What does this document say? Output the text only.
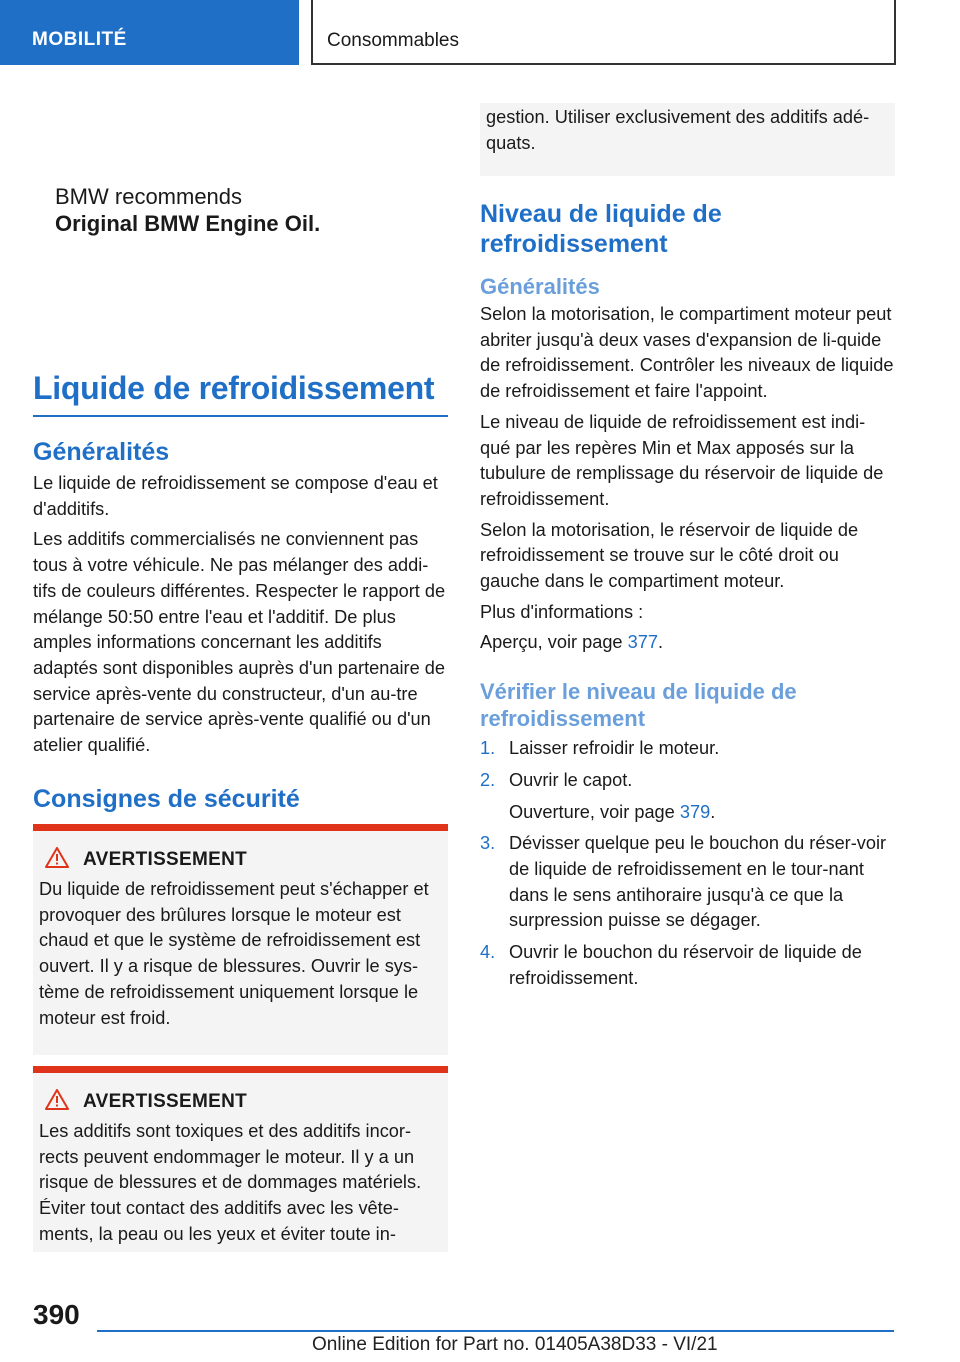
MOBILITÉ	Consommables
BMW recommends
Original BMW Engine Oil.
Liquide de refroidissement
Généralités

Le liquide de refroidissement se compose d'eau et d'additifs.

Les additifs commercialisés ne conviennent pas tous à votre véhicule. Ne pas mélanger des addi-tifs de couleurs différentes. Respecter le rapport de mélange 50:50 entre l'eau et l'additif. De plus amples informations concernant les additifs adaptés sont disponibles auprès d'un partenaire de service après-vente du constructeur, d'un au-tre partenaire de service après-vente qualifié ou d'un atelier qualifié.

Consignes de sécurité
AVERTISSEMENT

Du liquide de refroidissement peut s'échapper et provoquer des brûlures lorsque le moteur est chaud et que le système de refroidissement est ouvert. Il y a risque de blessures. Ouvrir le sys-tème de refroidissement uniquement lorsque le moteur est froid.

AVERTISSEMENT

Les additifs sont toxiques et des additifs incor-rects peuvent endommager le moteur. Il y a un risque de blessures et de dommages matériels. Éviter tout contact des additifs avec les vête-ments, la peau ou les yeux et éviter toute in-

gestion. Utiliser exclusivement des additifs adé-quats.

Niveau de liquide de refroidissement
Généralités

Selon la motorisation, le compartiment moteur peut abriter jusqu'à deux vases d'expansion de li-quide de refroidissement. Contrôler les niveaux de liquide de refroidissement et faire l'appoint.

Le niveau de liquide de refroidissement est indi-qué par les repères Min et Max apposés sur la tubulure de remplissage du réservoir de liquide de refroidissement.

Selon la motorisation, le réservoir de liquide de refroidissement se trouve sur le côté droit ou gauche dans le compartiment moteur.

Plus d'informations :

Aperçu, voir page 377.

Vérifier le niveau de liquide de refroidissement
1. Laisser refroidir le moteur.
2. Ouvrir le capot.
Ouverture, voir page 379.
3. Dévisser quelque peu le bouchon du réser-voir de liquide de refroidissement en le tour-nant dans le sens antihoraire jusqu'à ce que la surpression puisse se dégager.
4. Ouvrir le bouchon du réservoir de liquide de refroidissement.
390
Online Edition for Part no. 01405A38D33 - VI/21
